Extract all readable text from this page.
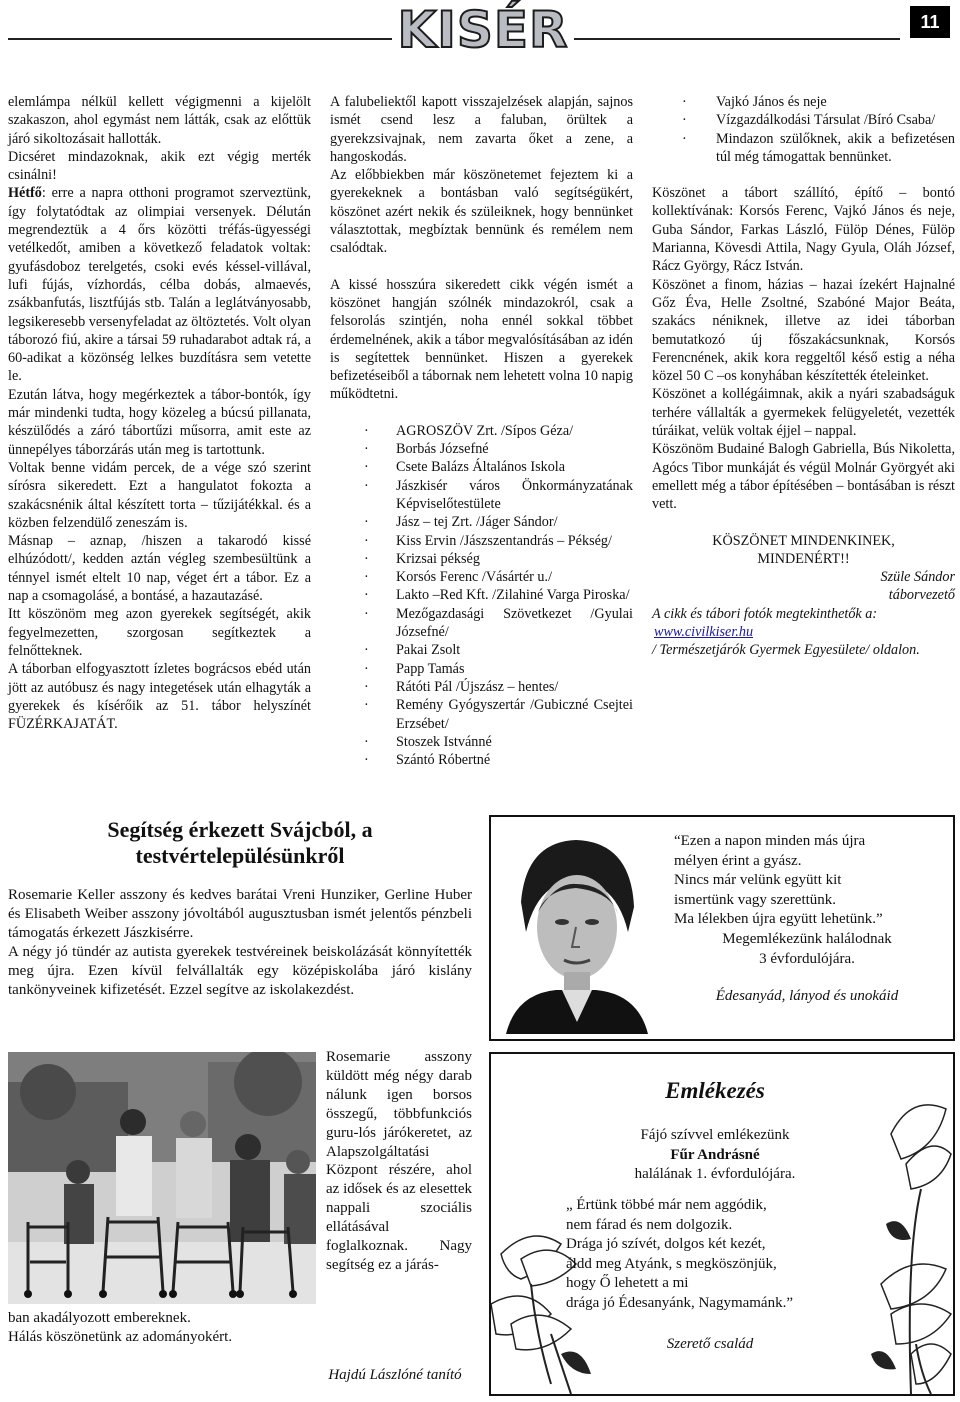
KISÉR	11

elemlámpa nélkül kellett végigmenni a kijelölt szakaszon, ahol egymást nem látták, csak az előttük járó sikoltozásait hallották.

Dicséret mindazoknak, akik ezt végig merték csinálni!

Hétfő: erre a napra otthoni programot szerveztünk, így folytatódtak az olimpiai versenyek. Délután megrendeztük a 4 őrs közötti tréfás-ügyességi vetélkedőt, amiben a következő feladatok voltak: gyufásdoboz terelgetés, csoki evés késsel-villával, lufi fújás, vízhordás, célba dobás, almaevés, zsákbanfutás, lisztfújás stb. Talán a leglátványosabb, legsikeresebb versenyfeladat az öltöztetés. Volt olyan táborozó fiú, akire a társai 59 ruhadarabot adtak rá, a 60-adikat a közönség lelkes buzdításra sem vetette le.

Ezután látva, hogy megérkeztek a tábor-bontók, így már mindenki tudta, hogy közeleg a búcsú pillanata, készülődés a záró tábortűzi műsorra, amit este az ünnepélyes táborzárás után meg is tartottunk.

Voltak benne vidám percek, de a vége szó szerint sírósra sikeredett. Ezt a hangulatot fokozta a szakácsnénik által készített torta – tűzijátékkal. és a közben felzendülő zeneszám is.

Másnap – aznap, /hiszen a takarodó kissé elhúzódott/, kedden aztán végleg szembesültünk a ténnyel ismét eltelt 10 nap, véget ért a tábor. Ez a nap a csomagolásé, a bontásé, a hazautazásé.

Itt köszönöm meg azon gyerekek segítségét, akik fegyelmezetten, szorgosan segítkeztek a felnőtteknek.

A táborban elfogyasztott ízletes bográcsos ebéd után jött az autóbusz és nagy integetések után elhagyták a gyerekek és kísérőik az 51. tábor helyszínét FÜZÉRKAJATÁT.

A falubeliektől kapott visszajelzések alapján, sajnos ismét csend lesz a faluban, örültek a gyerekzsivajnak, nem zavarta őket a zene, a hangoskodás.

Az előbbiekben már köszönetemet fejeztem ki a gyerekeknek a bontásban való segítségükért, köszönet azért nekik és szüleiknek, hogy bennünket választottak, megbíztak bennünk és remélem nem csalódtak.

A kissé hosszúra sikeredett cikk végén ismét a köszönet hangján szólnék mindazokról, csak a felsorolás szintjén, noha ennél sokkal többet érdemelnének, akik a tábor megvalósításában az idén is segítettek bennünket. Hiszen a gyerekek befizetéseiből a tábornak nem lehetett volna 10 napig működtetni.

· AGROSZÖV Zrt. /Sípos Géza/
· Borbás Józsefné
· Csete Balázs Általános Iskola
· Jászkisér város Önkormányzatának Képviselőtestülete
· Jász – tej Zrt. /Jáger Sándor/
· Kiss Ervin /Jászszentandrás – Pékség/
· Krizsai pékség
· Korsós Ferenc /Vásártér u./
· Lakto –Red Kft. /Zilahiné Varga Piroska/
· Mezőgazdasági Szövetkezet /Gyulai Józsefné/
· Pakai Zsolt
· Papp Tamás
· Rátóti Pál /Újszász – hentes/
· Remény Gyógyszertár /Gubiczné Csejtei Erzsébet/
· Stoszek Istvánné
· Szántó Róbertné
· Vajkó János és neje
· Vízgazdálkodási Társulat /Bíró Csaba/
· Mindazon szülőknek, akik a befizetésen túl még támogattak bennünket.

Köszönet a tábort szállító, építő – bontó kollektívának: Korsós Ferenc, Vajkó János és neje, Guba Sándor, Farkas László, Fülöp Dénes, Fülöp Marianna, Kövesdi Attila, Nagy Gyula, Oláh József, Rácz György, Rácz István.

Köszönet a finom, házias – hazai ízekért Hajnalné Gőz Éva, Helle Zsoltné, Szabóné Major Beáta, szakács néniknek, illetve az idei táborban bemutatkozó új főszakácsunknak, Korsós Ferencnének, akik kora reggeltől késő estig a néha közel 50 C –os konyhában készítették ételeinket.

Köszönet a kollégáimnak, akik a nyári szabadságuk terhére vállalták a gyermekek felügyeletét, vezették túráikat, velük voltak éjjel – nappal.

Köszönöm Budainé Balogh Gabriella, Bús Nikoletta, Agócs Tibor munkáját és végül Molnár Györgyét aki emellett még a tábor építésében – bontásában is részt vett.

KÖSZÖNET MINDENKINEK,

MINDENÉRT!!

Szüle Sándor

táborvezető

A cikk és tábori fotók megtekinthetők a:

www.civilkiser.hu

/ Természetjárók Gyermek Egyesülete/ oldalon.

Segítség érkezett Svájcból, a testvértelepülésünkről

Rosemarie Keller asszony és kedves barátai Vreni Hunziker, Gerline Huber és Elisabeth Weiber asszony jóvoltából augusztusban ismét jelentős pénzbeli támogatás érkezett Jászkisérre.

A négy jó tündér az autista gyerekek testvéreinek beiskolázását könnyítették meg újra. Ezen kívül felvállalták egy középiskolába járó kislány tankönyveinek kifizetését. Ezzel segítve az iskolakezdést.

Rosemarie asszony küldött még négy darab nálunk igen borsos összegű, többfunkciós guru-lós járókeretet, az Alapszolgáltatási Központ részére, ahol az idősek és az elesettek nappali szociális ellátásával foglalkoznak. Nagy segítség ez a járás-

ban akadályozott embereknek.

Hálás köszönetünk az adományokért.

Hajdú Lászlóné tanító

“Ezen a napon minden más újra

mélyen érint a gyász.

Nincs már velünk együtt kit

ismertünk vagy szerettünk.

Ma lélekben újra együtt lehetünk.”

Megemlékezünk halálodnak

3 évfordulójára.

Édesanyád, lányod és unokáid
Emlékezés

Fájó szívvel emlékezünk

Fűr Andrásné

halálának 1. évfordulójára.

„ Értünk többé már nem aggódik,

nem fárad és nem dolgozik.

Drága jó szívét, dolgos két kezét,

áldd meg Atyánk, s megköszönjük,

hogy Ő lehetett a mi

drága jó Édesanyánk, Nagymamánk.”

Szerető család
